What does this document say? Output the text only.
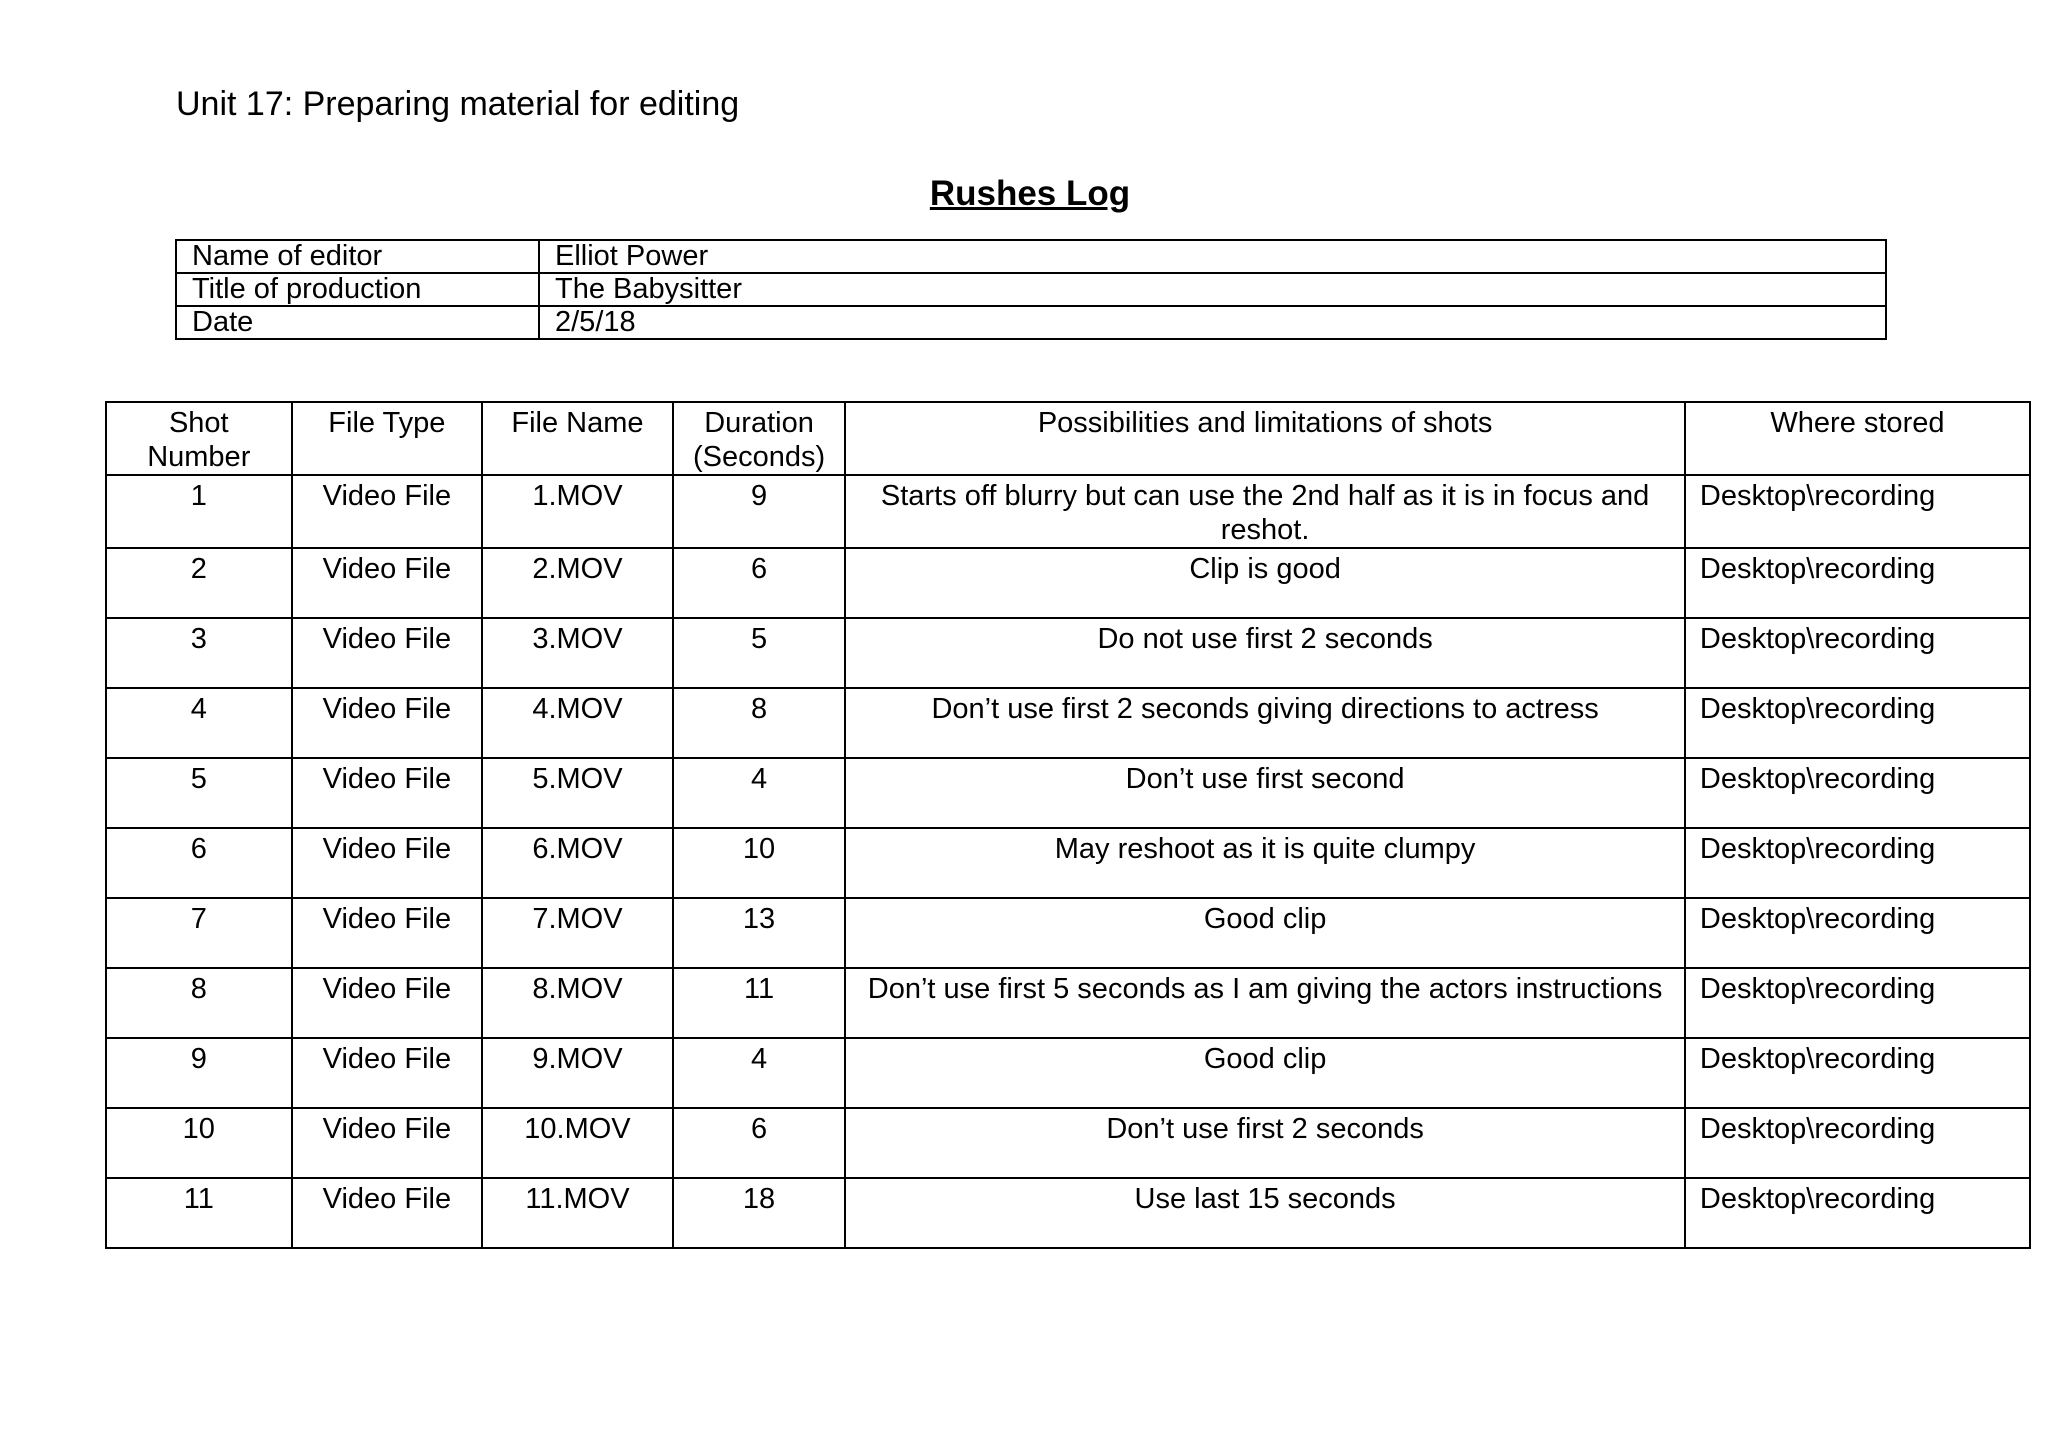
Unit 17: Preparing material for editing
Rushes Log
Name of editor	Elliot Power
Title of production	The Babysitter
Date	2/5/18
Shot Number	File Type	File Name	Duration (Seconds)	Possibilities and limitations of shots	Where stored
1	Video File	1.MOV	9	Starts off blurry but can use the 2nd half as it is in focus and reshot.	Desktop\recording
2	Video File	2.MOV	6	Clip is good	Desktop\recording
3	Video File	3.MOV	5	Do not use first 2 seconds	Desktop\recording
4	Video File	4.MOV	8	Don’t use first 2 seconds giving directions to actress	Desktop\recording
5	Video File	5.MOV	4	Don’t use first second	Desktop\recording
6	Video File	6.MOV	10	May reshoot as it is quite clumpy	Desktop\recording
7	Video File	7.MOV	13	Good clip	Desktop\recording
8	Video File	8.MOV	11	Don’t use first 5 seconds as I am giving the actors instructions	Desktop\recording
9	Video File	9.MOV	4	Good clip	Desktop\recording
10	Video File	10.MOV	6	Don’t use first 2 seconds	Desktop\recording
11	Video File	11.MOV	18	Use last 15 seconds	Desktop\recording
